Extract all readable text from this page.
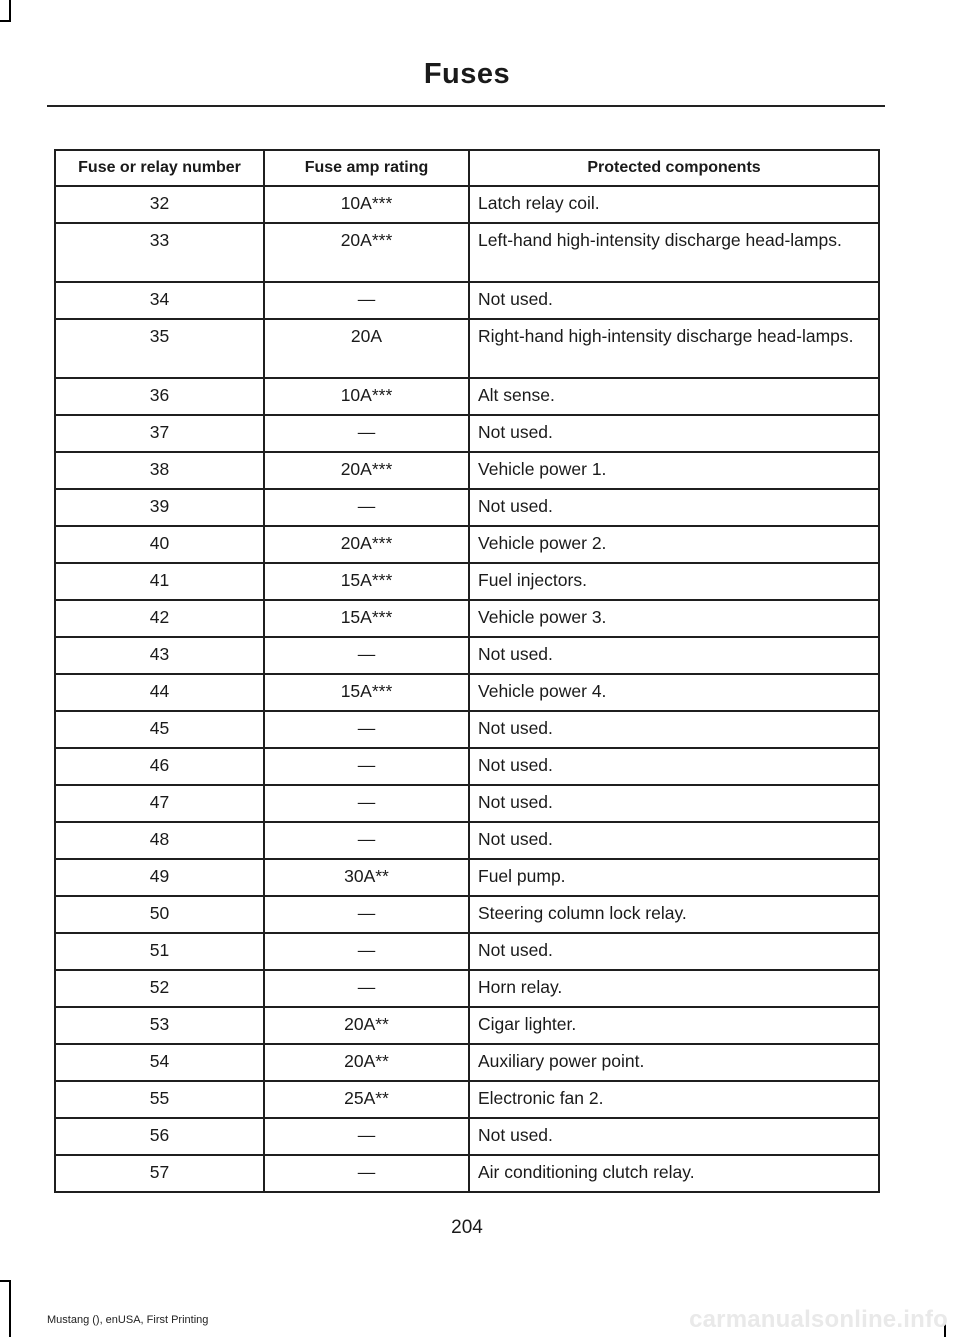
Fuses
Fuse or relay number	Fuse amp rating	Protected components
32	10A***	Latch relay coil.
33	20A***	Left-hand high-intensity discharge head-lamps.
34	—	Not used.
35	20A	Right-hand high-intensity discharge head-lamps.
36	10A***	Alt sense.
37	—	Not used.
38	20A***	Vehicle power 1.
39	—	Not used.
40	20A***	Vehicle power 2.
41	15A***	Fuel injectors.
42	15A***	Vehicle power 3.
43	—	Not used.
44	15A***	Vehicle power 4.
45	—	Not used.
46	—	Not used.
47	—	Not used.
48	—	Not used.
49	30A**	Fuel pump.
50	—	Steering column lock relay.
51	—	Not used.
52	—	Horn relay.
53	20A**	Cigar lighter.
54	20A**	Auxiliary power point.
55	25A**	Electronic fan 2.
56	—	Not used.
57	—	Air conditioning clutch relay.
204
Mustang (), enUSA, First Printing	carmanualsonline.info
